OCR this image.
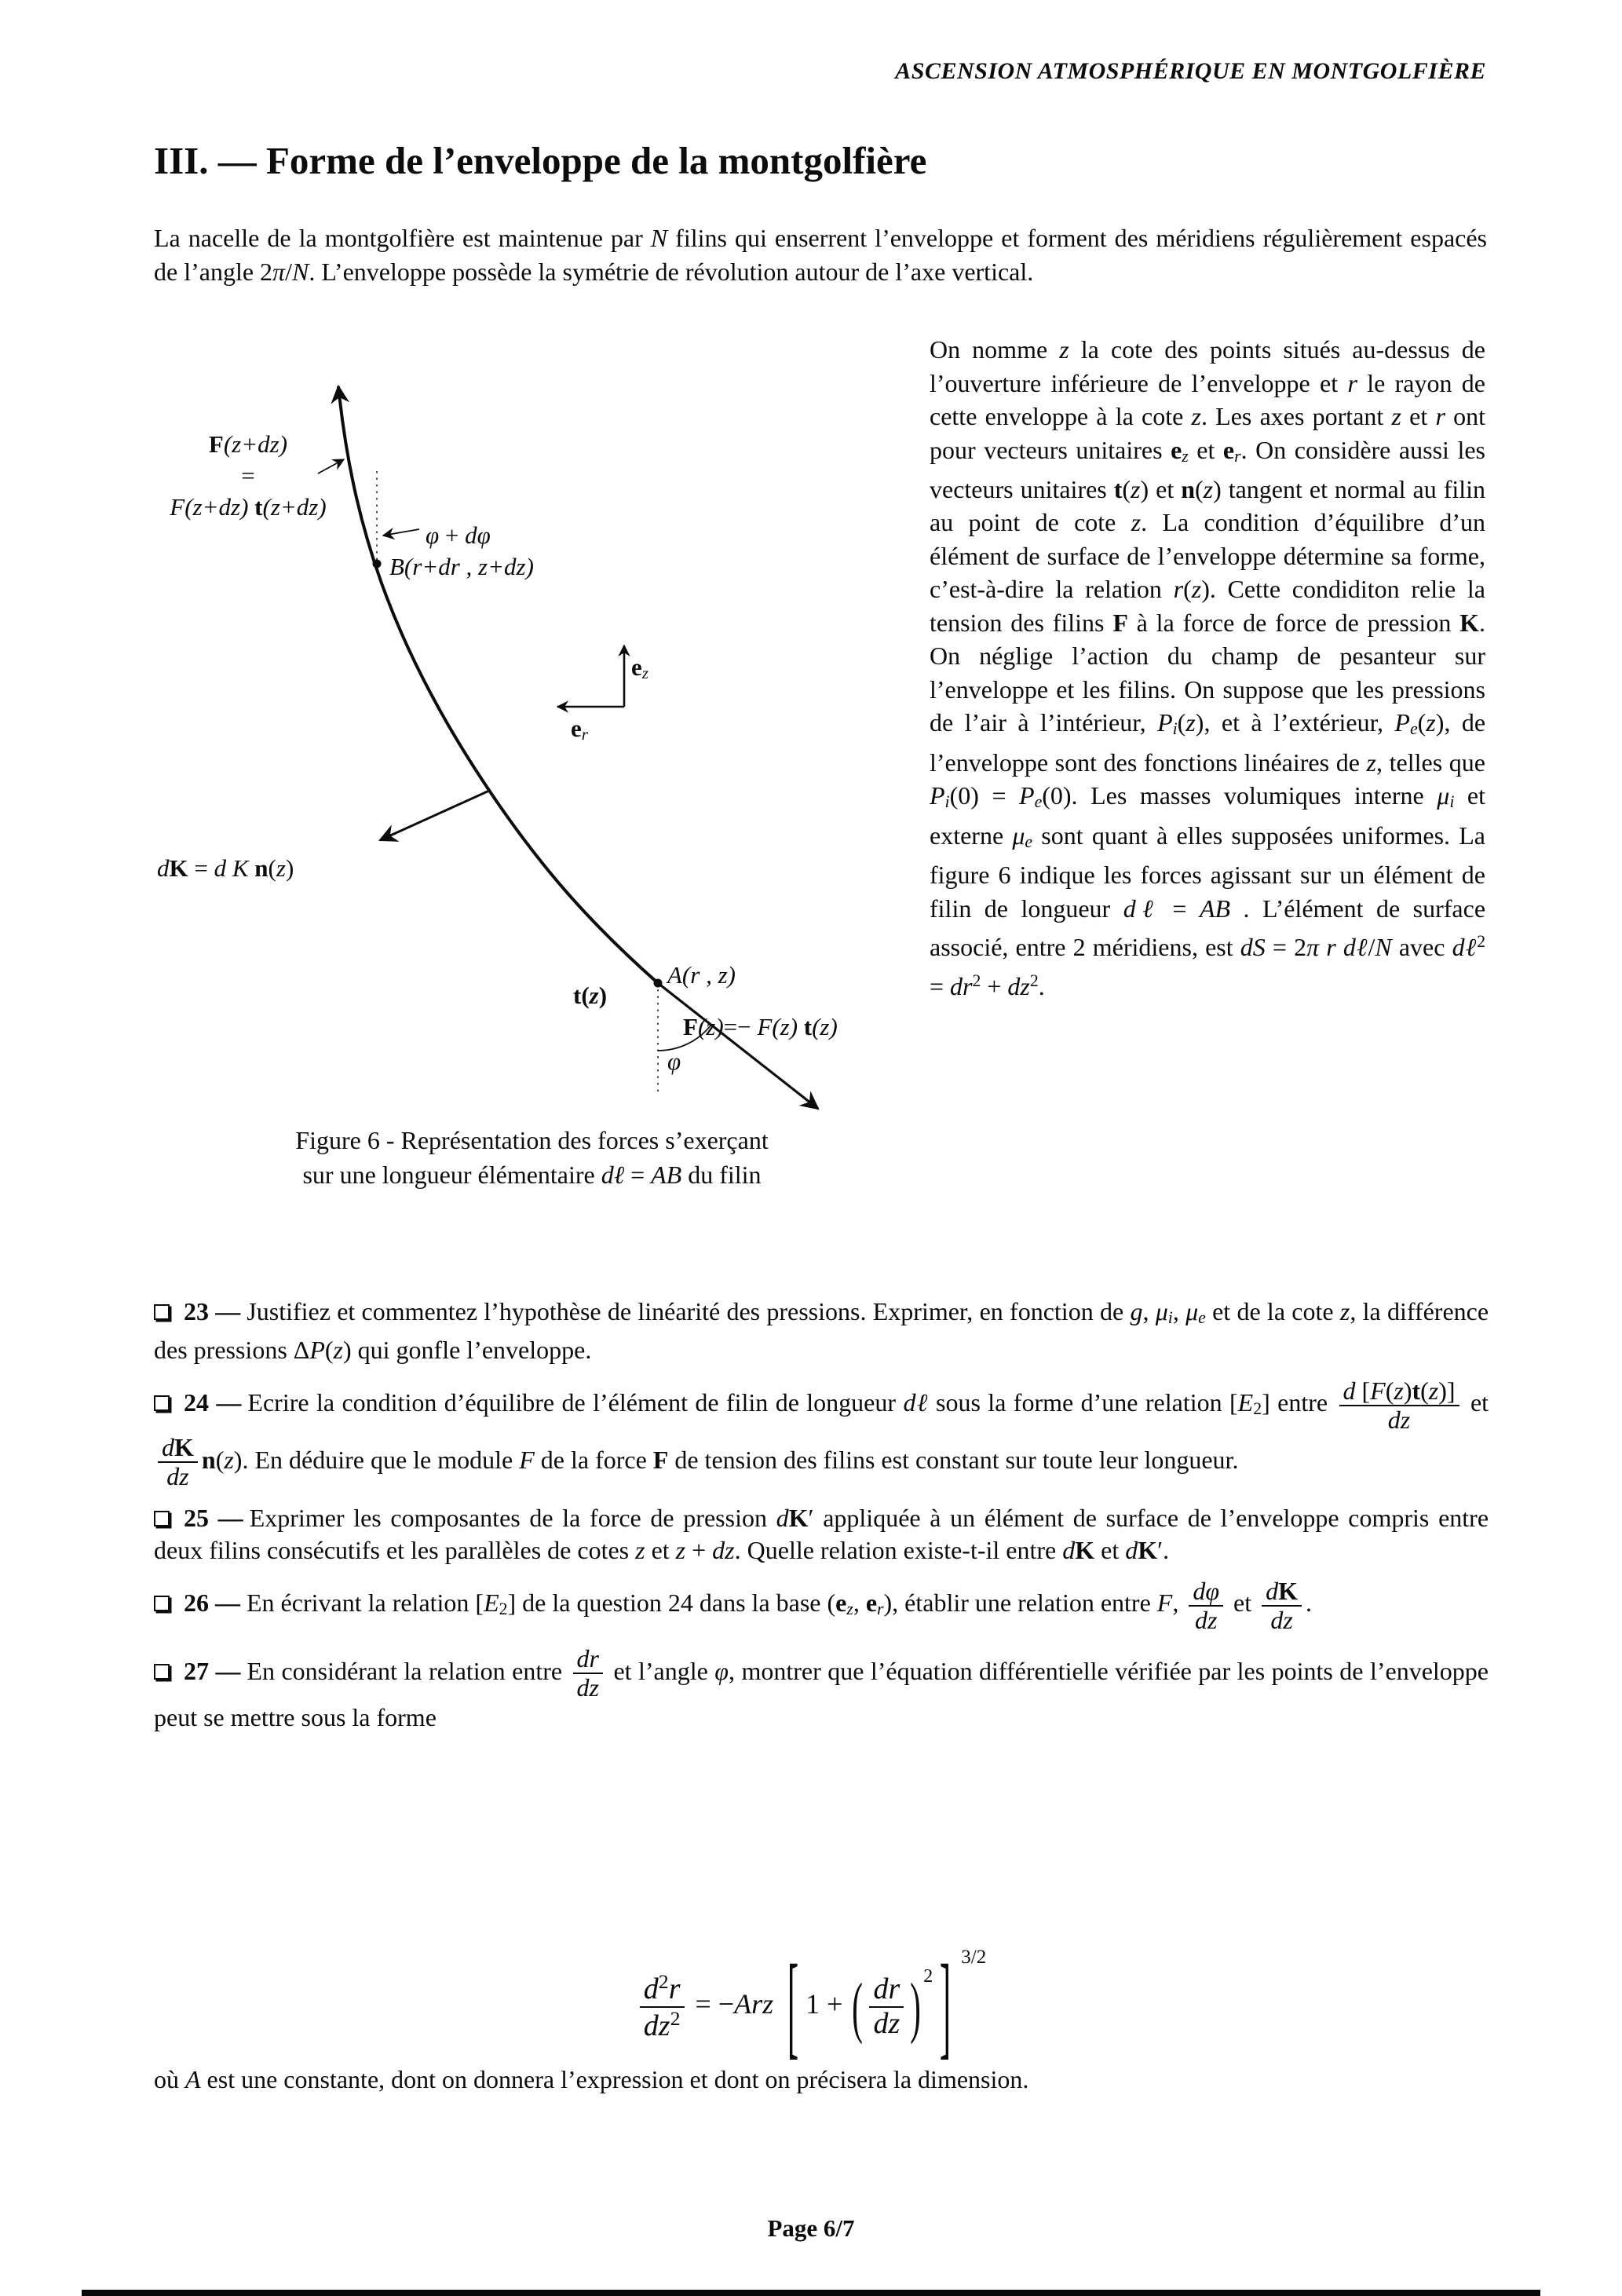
ASCENSION ATMOSPHÉRIQUE EN MONTGOLFIÈRE
III. — Forme de l’enveloppe de la montgolfière

La nacelle de la montgolfière est maintenue par N filins qui enserrent l’enveloppe et forment des méridiens régulièrement espacés de l’angle 2π/N. L’enveloppe possède la symétrie de révolution autour de l’axe vertical.

F(z+dz)
=
F(z+dz) t(z+dz)
φ + dφ
B(r+dr , z+dz)
$e_z$
$e_r$
dK = d K n(z)
t(z)
A(r , z)
F(z)=− F(z) t(z)
φ
Figure 6 - Représentation des forces s’exerçant
sur une longueur élémentaire dℓ = AB du filin
On nomme z la cote des points situés au-dessus de l’ouverture inférieure de l’enveloppe et r le rayon de cette enveloppe à la cote z. Les axes portant z et r ont pour vecteurs unitaires $e_z$ et $e_r$. On considère aussi les vecteurs unitaires t(z) et n(z) tangent et normal au filin au point de cote z. La condition d’équilibre d’un élément de surface de l’enveloppe détermine sa forme, c’est-à-dire la relation r(z). Cette condiditon relie la tension des filins F à la force de force de pression K. On néglige l’action du champ de pesanteur sur l’enveloppe et les filins. On suppose que les pressions de l’air à l’intérieur, $P_i(z)$, et à l’extérieur, $P_e(z)$, de l’enveloppe sont des fonctions linéaires de z, telles que $P_i(0) = P_e(0)$. Les masses volumiques interne $\mu_i$ et externe $\mu_e$ sont quant à elles supposées uniformes. La figure 6 indique les forces agissant sur un élément de filin de longueur dℓ = AB . L’élément de surface associé, entre 2 méridiens, est dS = 2π r dℓ/N avec dℓ$^2$ = $dr^2 + dz^2$.

23 — Justifiez et commentez l’hypothèse de linéarité des pressions. Exprimer, en fonction de g, $\mu_i$, $\mu_e$ et de la cote z, la différence des pressions ΔP(z) qui gonfle l’enveloppe.

24 — Ecrire la condition d’équilibre de l’élément de filin de longueur dℓ sous la forme d’une relation $[E_2]$ entre $\frac{d [F(z)t(z)]}{dz}$ et
$\frac{dK}{dz} n(z)$. En déduire que le module F de la force F de tension des filins est constant sur toute leur longueur.

25 — Exprimer les composantes de la force de pression dK′ appliquée à un élément de surface de l’enveloppe compris entre deux filins consécutifs et les parallèles de cotes z et z + dz. Quelle relation existe-t-il entre dK et dK′.

26 — En écrivant la relation $[E_2]$ de la question 24 dans la base ($e_z$, $e_r$), établir une relation entre F, $\frac{d\varphi}{dz}$ et $\frac{dK}{dz}$ .

27 — En considérant la relation entre $\frac{dr}{dz}$ et l’angle φ, montrer que l’équation différentielle vérifiée par les points de l’enveloppe peut se mettre sous la forme

$\frac{d^2r}{dz^2} = -Arz$ [ 1 + ( $\frac{dr}{dz}$ ) $^2$ ] $^{3/2}$

où A est une constante, dont on donnera l’expression et dont on précisera la dimension.

Page 6/7
